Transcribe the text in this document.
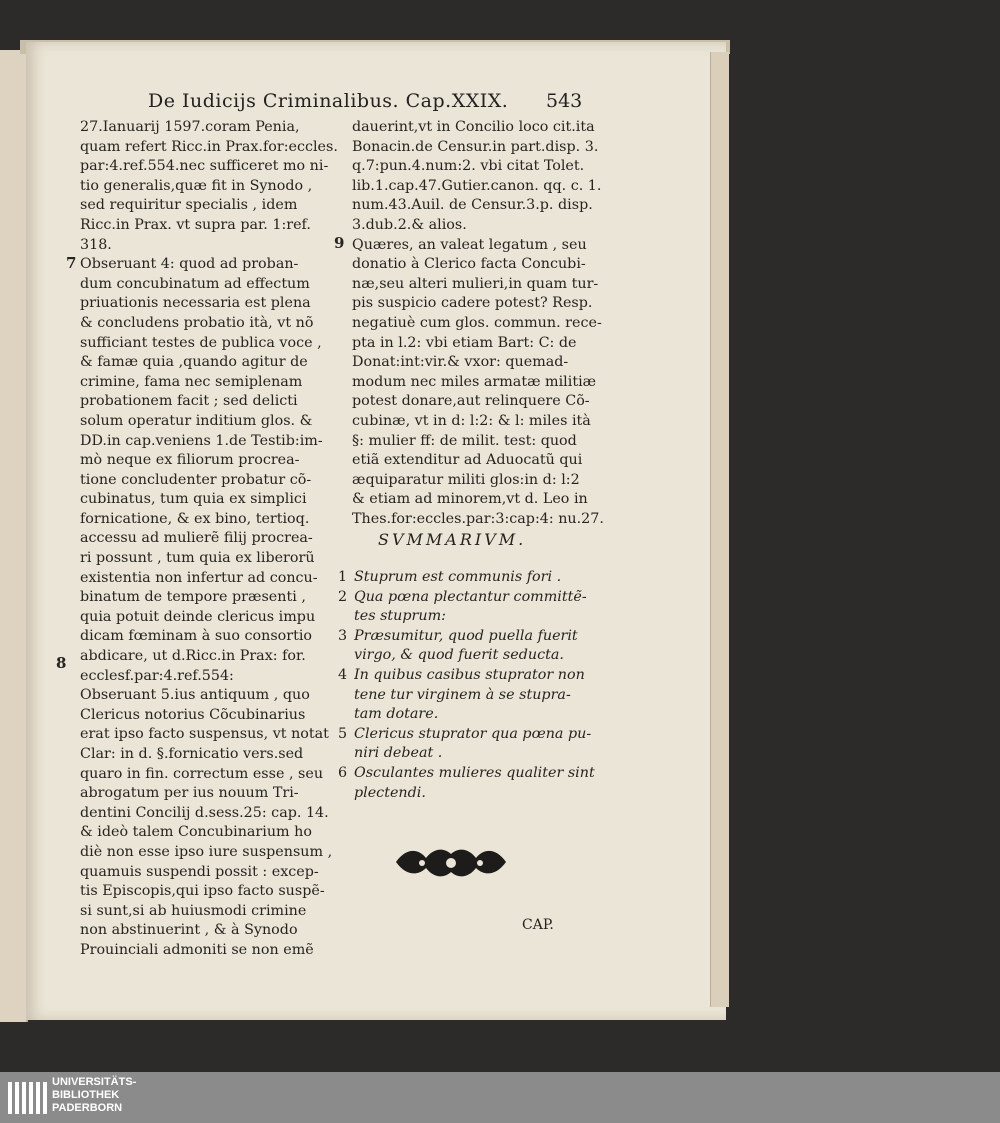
De Iudicijs Criminalibus. Cap.XXIX.	543
27.Ianuarij 1597.coram Penia,
quam refert Ricc.in Prax.for:eccles.
par:4.ref.554.nec sufficeret mo ni-
tio generalis,quæ fit in Synodo ,
sed requiritur specialis , idem
Ricc.in Prax. vt supra par. 1:ref.
318.
Obseruant 4: quod ad proban-
dum concubinatum ad effectum
priuationis necessaria est plena
& concludens probatio ità, vt nõ
sufficiant testes de publica voce ,
& famæ quia ,quando agitur de
crimine, fama nec semiplenam
probationem facit ; sed delicti
solum operatur inditium glos. &
DD.in cap.veniens 1.de Testib:im-
mò neque ex filiorum procrea-
tione concludenter probatur cõ-
cubinatus, tum quia ex simplici
fornicatione, & ex bino, tertioq.
accessu ad mulierẽ filij procrea-
ri possunt , tum quia ex liberorũ
existentia non infertur ad concu-
binatum de tempore præsenti ,
quia potuit deinde clericus impu
dicam fœminam à suo consortio
abdicare, ut d.Ricc.in Prax: for.
ecclesf.par:4.ref.554:
Obseruant 5.ius antiquum , quo
Clericus notorius Cõcubinarius
erat ipso facto suspensus, vt notat
Clar: in d. §.fornicatio vers.sed
quaro in fin. correctum esse , seu
abrogatum per ius nouum Tri-
dentini Concilij d.sess.25: cap. 14.
& ideò talem Concubinarium ho
diè non esse ipso iure suspensum ,
quamuis suspendi possit : excep-
tis Episcopis,qui ipso facto suspẽ-
si sunt,si ab huiusmodi crimine
non abstinuerint , & à Synodo
Prouinciali admoniti se non emẽ
dauerint,vt in Concilio loco cit.ita
Bonacin.de Censur.in part.disp. 3.
q.7:pun.4.num:2. vbi citat Tolet.
lib.1.cap.47.Gutier.canon. qq. c. 1.
num.43.Auil. de Censur.3.p. disp.
3.dub.2.& alios.
Quæres, an valeat legatum , seu
donatio à Clerico facta Concubi-
næ,seu alteri mulieri,in quam tur-
pis suspicio cadere potest? Resp.
negatiuè cum glos. commun. rece-
pta in l.2: vbi etiam Bart: C: de
Donat:int:vir.& vxor: quemad-
modum nec miles armatæ militiæ
potest donare,aut relinquere Cõ-
cubinæ, vt in d: l:2: & l: miles ità
§: mulier ff: de milit. test: quod
etiã extenditur ad Aduocatũ qui
æquiparatur militi glos:in d: l:2
& etiam ad minorem,vt d. Leo in
Thes.for:eccles.par:3:cap:4: nu.27.
7
8
9
SVMMARIVM.
1 Stuprum est communis fori .
2 Qua pœna plectantur committẽ-
tes stuprum:
3 Præsumitur, quod puella fuerit
virgo, & quod fuerit seducta.
4 In quibus casibus stuprator non
tene tur virginem à se stupra-
tam dotare.
5 Clericus stuprator qua pœna pu-
niri debeat .
6 Osculantes mulieres qualiter sint
plectendi.
CAP.
UNIVERSITÄTS-
BIBLIOTHEK
PADERBORN
